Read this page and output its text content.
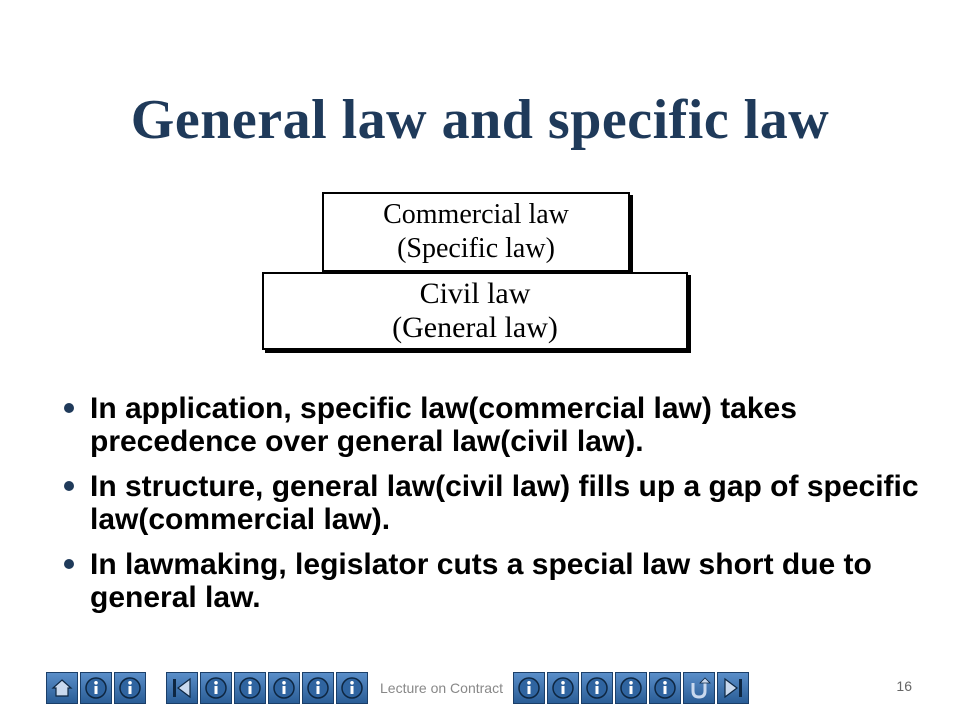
General law and specific law
Commercial law
(Specific law)
Civil law
(General law)
In application, specific law(commercial law) takes precedence over general law(civil law).
In structure, general law(civil law) fills up a gap of specific law(commercial law).
In lawmaking, legislator cuts a special law short due to general law.
Lecture on Contract	16
